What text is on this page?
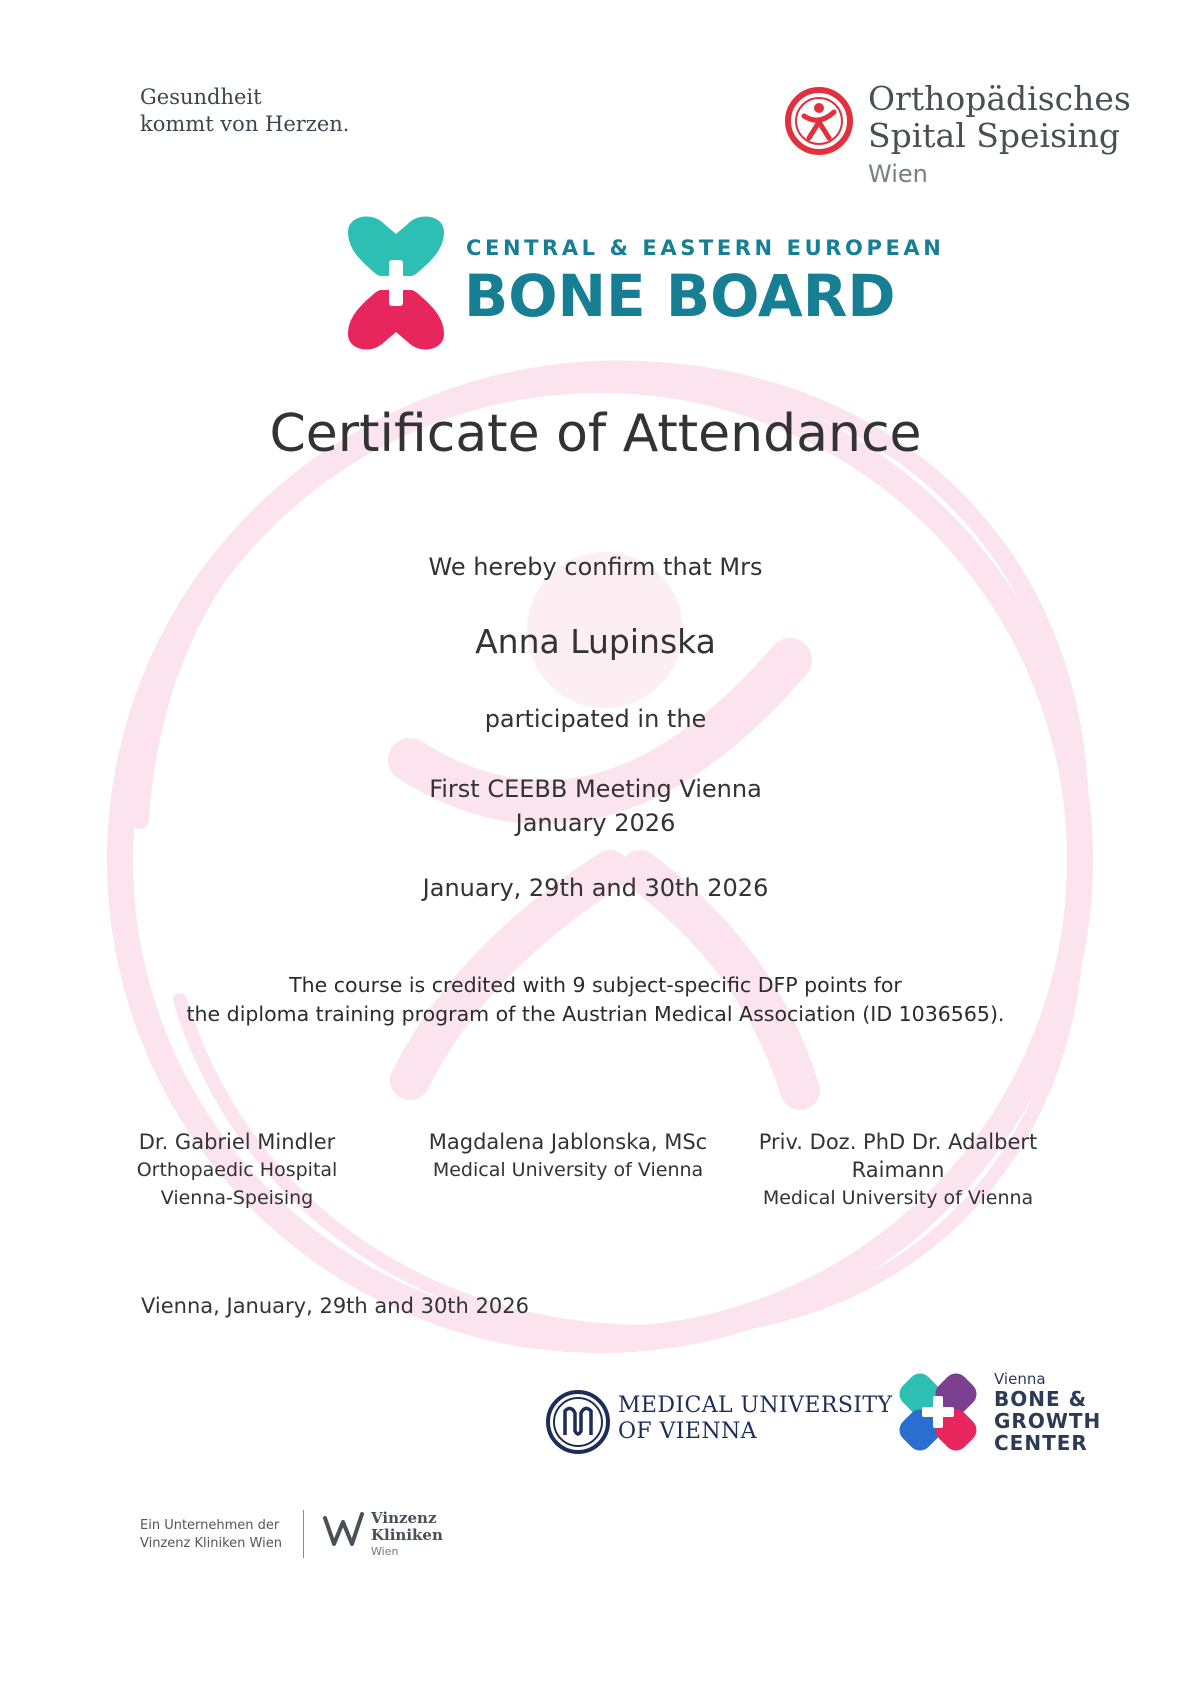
Gesundheit
kommt von Herzen.
Orthopädisches
Spital Speising
Wien
CENTRAL & EASTERN EUROPEAN
BONE BOARD
Certificate of Attendance
We hereby confirm that Mrs
Anna Lupinska
participated in the
First CEEBB Meeting Vienna
January 2026
January, 29th and 30th 2026
The course is credited with 9 subject-specific DFP points for
the diploma training program of the Austrian Medical Association (ID 1036565).
Dr. Gabriel Mindler
Orthopaedic Hospital
Vienna-Speising
Magdalena Jablonska, MSc
Medical University of Vienna
Priv. Doz. PhD Dr. Adalbert Raimann
Medical University of Vienna
Vienna, January, 29th and 30th 2026
MEDICAL UNIVERSITY
OF VIENNA
Vienna
BONE &
GROWTH
CENTER
Ein Unternehmen der
Vinzenz Kliniken Wien
Vinzenz
Kliniken
Wien
